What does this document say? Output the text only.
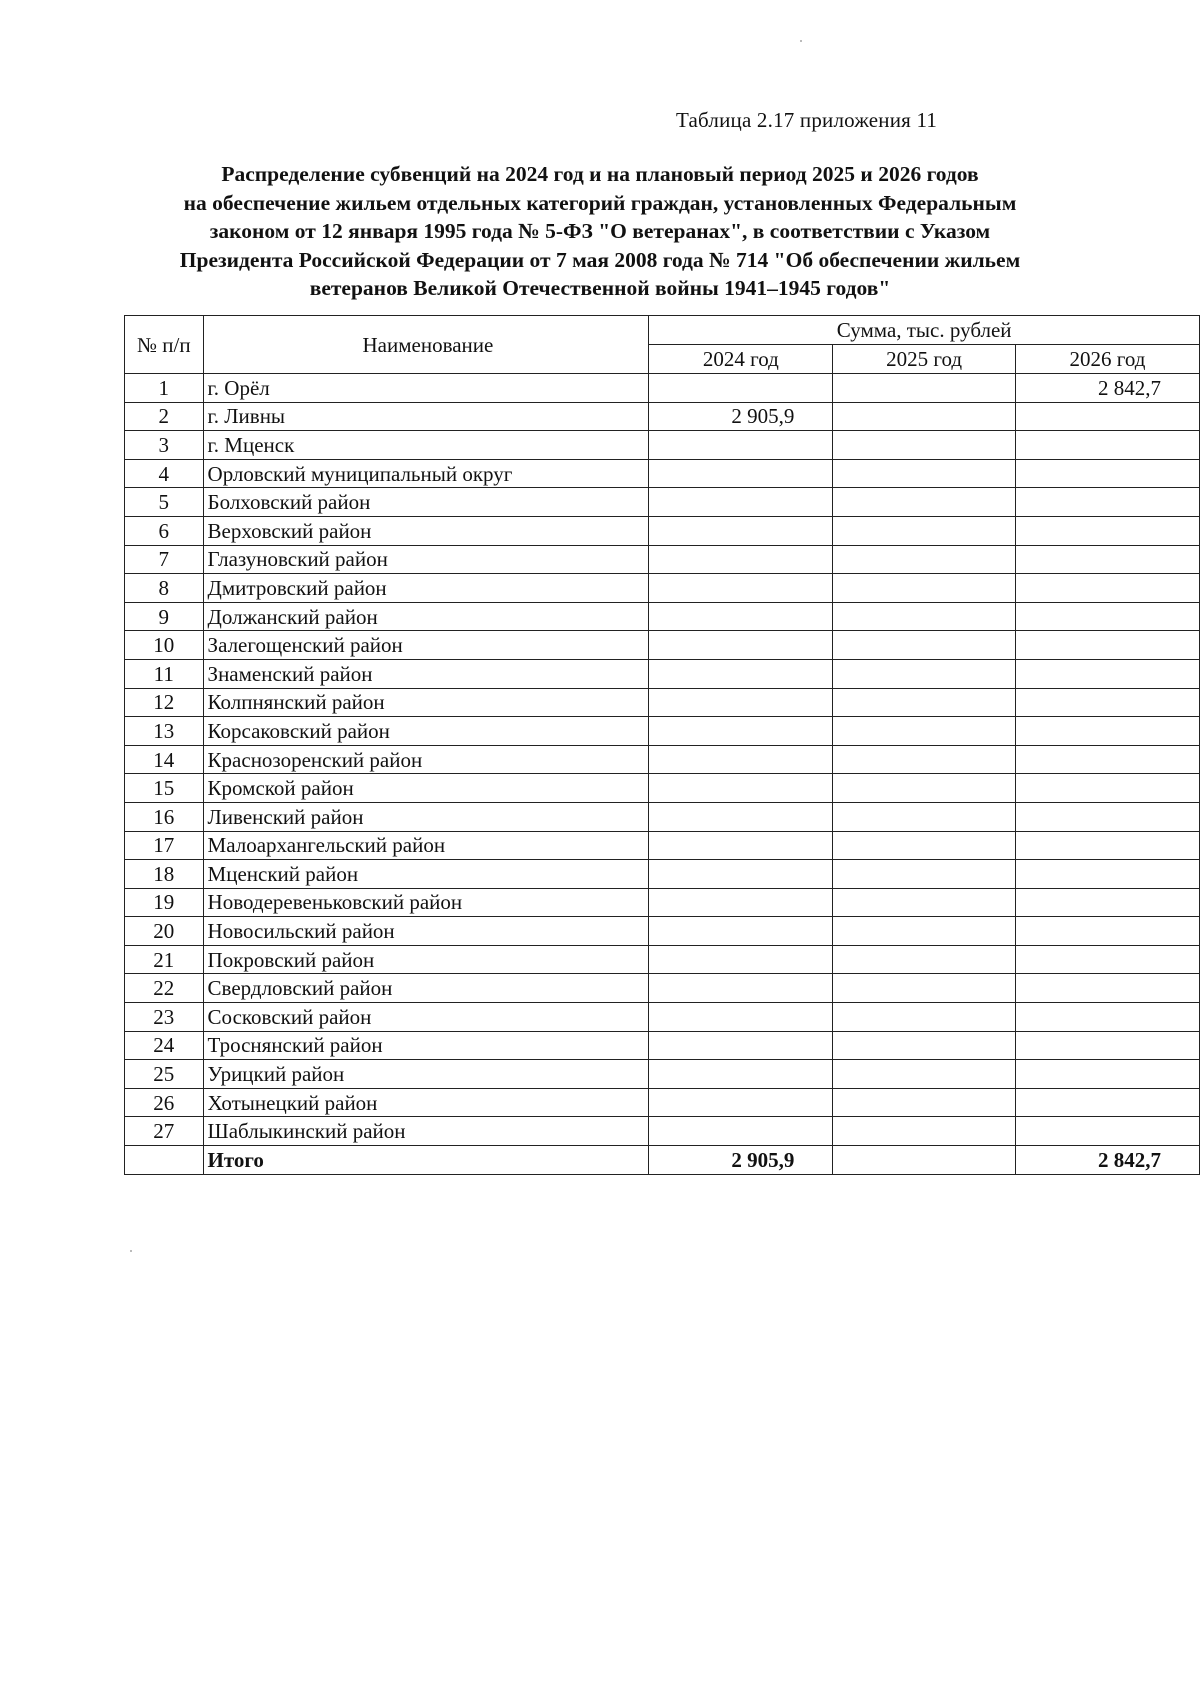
Таблица 2.17 приложения 11
Распределение субвенций на 2024 год и на плановый период 2025 и 2026 годов
на обеспечение жильем отдельных категорий граждан, установленных Федеральным
законом от 12 января 1995 года № 5-ФЗ "О ветеранах", в соответствии с Указом
Президента Российской Федерации от 7 мая 2008 года № 714 "Об обеспечении жильем
ветеранов Великой Отечественной войны 1941–1945 годов"
№ п/п	Наименование	Сумма, тыс. рублей		
		2024 год	2025 год	2026 год
1	г. Орёл			2 842,7
2	г. Ливны	2 905,9		
3	г. Мценск			
4	Орловский муниципальный округ			
5	Болховский район			
6	Верховский район			
7	Глазуновский район			
8	Дмитровский район			
9	Должанский район			
10	Залегощенский район			
11	Знаменский район			
12	Колпнянский район			
13	Корсаковский район			
14	Краснозоренский район			
15	Кромской район			
16	Ливенский район			
17	Малоархангельский район			
18	Мценский район			
19	Новодеревеньковский район			
20	Новосильский район			
21	Покровский район			
22	Свердловский район			
23	Сосковский район			
24	Троснянский район			
25	Урицкий район			
26	Хотынецкий район			
27	Шаблыкинский район			
	Итого	2 905,9		2 842,7
